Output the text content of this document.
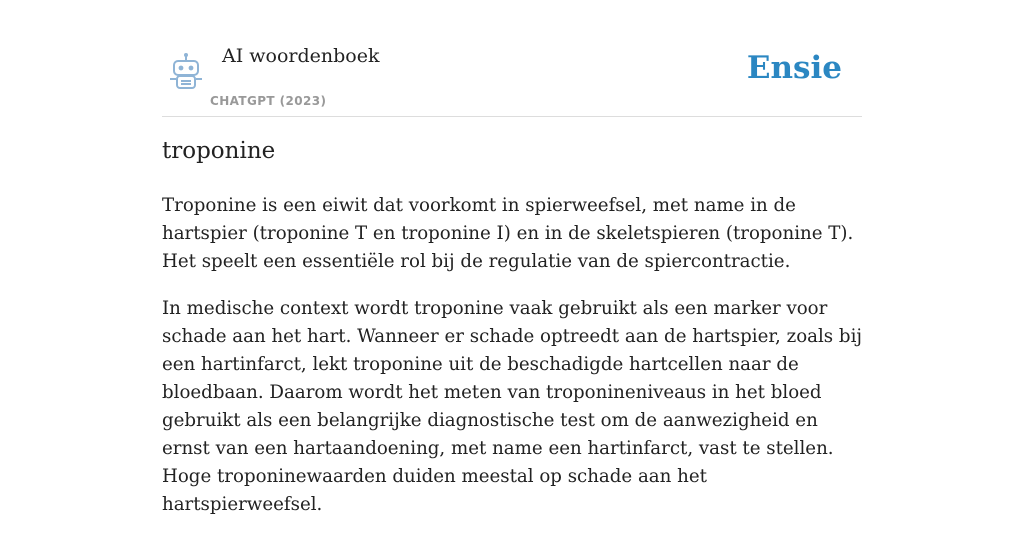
AI woordenboek
CHATGPT (2023)
Ensie
troponine

Troponine is een eiwit dat voorkomt in spierweefsel, met name in de hartspier (troponine T en troponine I) en in de skeletspieren (troponine T). Het speelt een essentiële rol bij de regulatie van de spiercontractie.

In medische context wordt troponine vaak gebruikt als een marker voor schade aan het hart. Wanneer er schade optreedt aan de hartspier, zoals bij een hartinfarct, lekt troponine uit de beschadigde hartcellen naar de bloedbaan. Daarom wordt het meten van troponineniveaus in het bloed gebruikt als een belangrijke diagnostische test om de aanwezigheid en ernst van een hartaandoening, met name een hartinfarct, vast te stellen. Hoge troponinewaarden duiden meestal op schade aan het hartspierweefsel.
